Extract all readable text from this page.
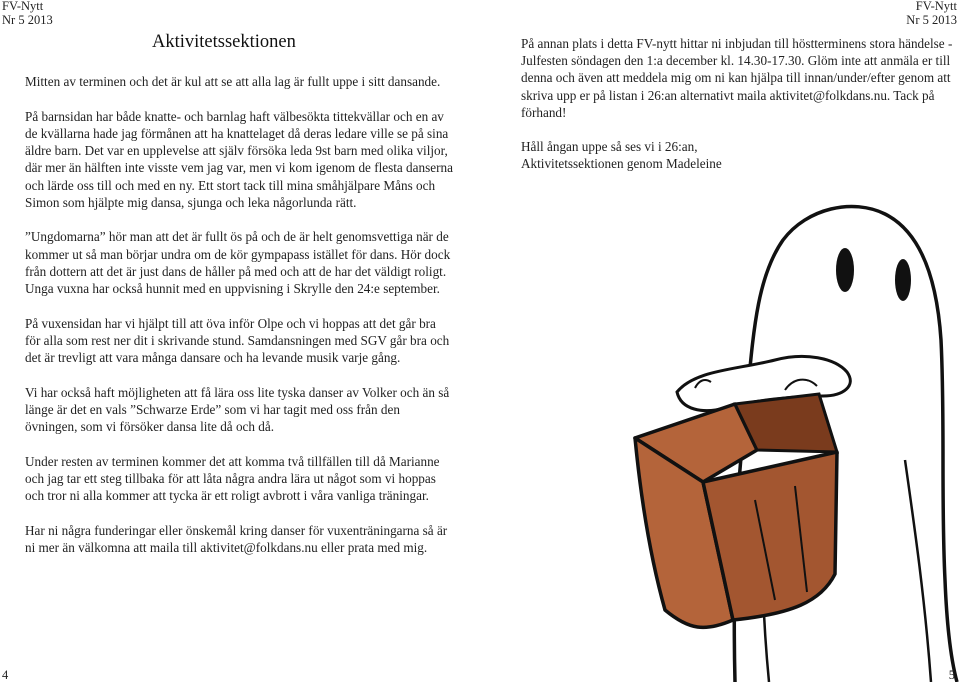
FV-Nytt
Nr 5 2013
FV-Nytt
Nr 5 2013
Aktivitetssektionen

Mitten av terminen och det är kul att se att alla lag är fullt uppe i sitt dansande.

På barnsidan har både knatte- och barnlag haft välbesökta tittekvällar och en av de kvällarna hade jag förmånen att ha knattelaget då deras ledare ville se på sina äldre barn. Det var en upplevelse att själv försöka leda 9st barn med olika viljor, där mer än hälften inte visste vem jag var, men vi kom igenom de flesta danserna och lärde oss till och med en ny. Ett stort tack till mina småhjälpare Måns och Simon som hjälpte mig dansa, sjunga och leka någorlunda rätt.

”Ungdomarna” hör man att det är fullt ös på och de är helt genomsvettiga när de kommer ut så man börjar undra om de kör gympapass istället för dans. Hör dock från dottern att det är just dans de håller på med och att de har det väldigt roligt. Unga vuxna har också hunnit med en uppvisning i Skrylle den 24:e september.

På vuxensidan har vi hjälpt till att öva inför Olpe och vi hoppas att det går bra för alla som rest ner dit i skrivande stund. Samdansningen med SGV går bra och det är trevligt att vara många dansare och ha levande musik varje gång.

Vi har också haft möjligheten att få lära oss lite tyska danser av Volker och än så länge är det en vals ”Schwarze Erde” som vi har tagit med oss från den övningen, som vi försöker dansa lite då och då.

Under resten av terminen kommer det att komma två tillfällen till då Marianne och jag tar ett steg tillbaka för att låta några andra lära ut något som vi hoppas och tror ni alla kommer att tycka är ett roligt avbrott i våra vanliga träningar.

Har ni några funderingar eller önskemål kring danser för vuxenträningarna så är ni mer än välkomna att maila till aktivitet@folkdans.nu eller prata med mig.

På annan plats i detta FV-nytt hittar ni inbjudan till höstterminens stora händelse - Julfesten söndagen den 1:a december kl. 14.30-17.30. Glöm inte att anmäla er till denna och även att meddela mig om ni kan hjälpa till innan/under/efter genom att skriva upp er på listan i 26:an alternativt maila aktivitet@folkdans.nu. Tack på förhand!

Håll ångan uppe så ses vi i 26:an,
Aktivitetssektionen genom Madeleine

4	5
